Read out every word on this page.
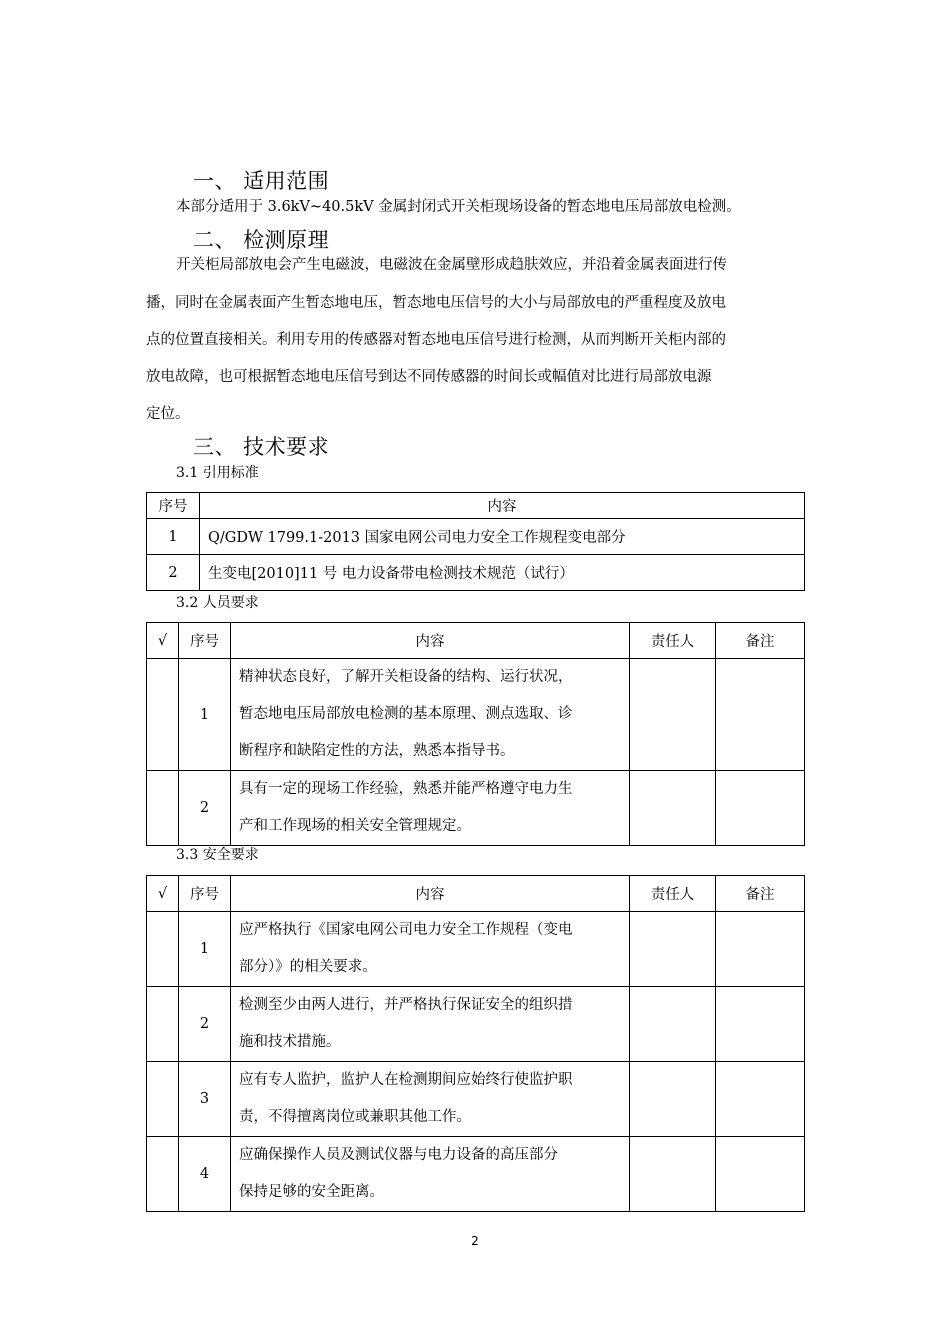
一、 适用范围
本部分适用于 3.6kV~40.5kV 金属封闭式开关柜现场设备的暂态地电压局部放电检测。
二、 检测原理
开关柜局部放电会产生电磁波，电磁波在金属壁形成趋肤效应，并沿着金属表面进行传
播，同时在金属表面产生暂态地电压，暂态地电压信号的大小与局部放电的严重程度及放电
点的位置直接相关。利用专用的传感器对暂态地电压信号进行检测，从而判断开关柜内部的
放电故障，也可根据暂态地电压信号到达不同传感器的时间长或幅值对比进行局部放电源
定位。
三、 技术要求
3.1 引用标准
序号	内容
1	Q/GDW 1799.1-2013 国家电网公司电力安全工作规程变电部分
2	生变电[2010]11 号 电力设备带电检测技术规范（试行）
3.2 人员要求
√	序号	内容	责任人	备注
	1	精神状态良好，了解开关柜设备的结构、运行状况，
暂态地电压局部放电检测的基本原理、测点选取、诊
断程序和缺陷定性的方法，熟悉本指导书。		

	2	具有一定的现场工作经验，熟悉并能严格遵守电力生
产和工作现场的相关安全管理规定。		

3.3 安全要求
√	序号	内容	责任人	备注
	1	应严格执行《国家电网公司电力安全工作规程（变电
部分）》的相关要求。		

	2	检测至少由两人进行，并严格执行保证安全的组织措
施和技术措施。		

	3	应有专人监护，监护人在检测期间应始终行使监护职
责，不得擅离岗位或兼职其他工作。		

	4	应确保操作人员及测试仪器与电力设备的高压部分
保持足够的安全距离。		

2
